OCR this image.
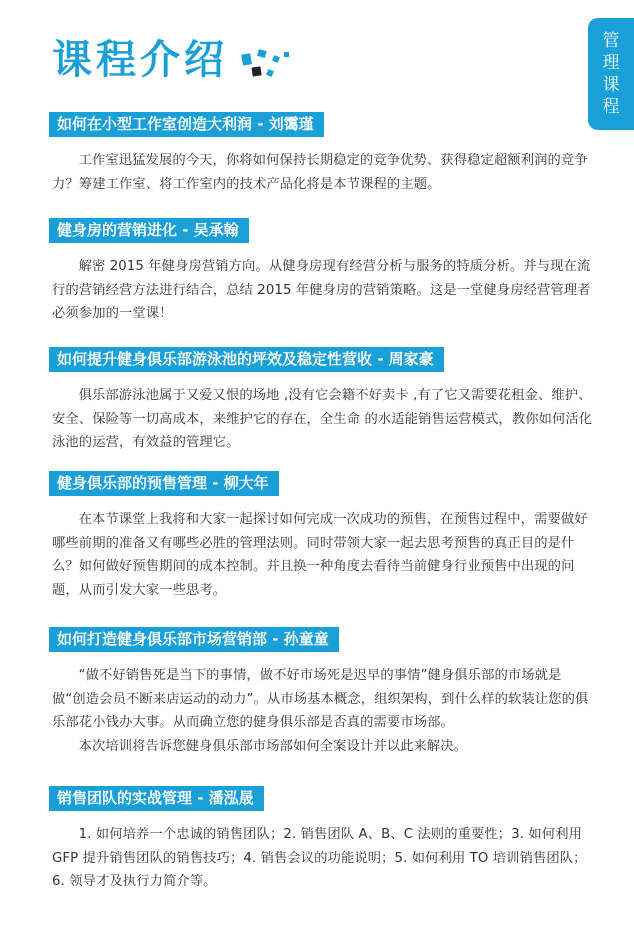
课程介绍	管
理
课
程
如何在小型工作室创造大利润 - 刘霭瑾

工作室迅猛发展的今天，你将如何保持长期稳定的竞争优势、获得稳定超额利润的竞争力？筹建工作室、将工作室内的技术产品化将是本节课程的主题。

健身房的营销进化 - 吴承翰

解密 2015 年健身房营销方向。从健身房现有经营分析与服务的特质分析。并与现在流行的营销经营方法进行结合，总结 2015 年健身房的营销策略。这是一堂健身房经营管理者必须参加的一堂课！

如何提升健身俱乐部游泳池的坪效及稳定性营收 - 周家豪

俱乐部游泳池属于又爱又恨的场地 ,没有它会籍不好卖卡 ,有了它又需要花租金、维护、安全、保险等一切高成本，来维护它的存在，全生命 的水适能销售运营模式，教你如何活化泳池的运营，有效益的管理它。

健身俱乐部的预售管理 - 柳大年

在本节课堂上我将和大家一起探讨如何完成一次成功的预售，在预售过程中，需要做好哪些前期的准备又有哪些必胜的管理法则。同时带领大家一起去思考预售的真正目的是什么？如何做好预售期间的成本控制。并且换一种角度去看待当前健身行业预售中出现的问题，从而引发大家一些思考。

如何打造健身俱乐部市场营销部 - 孙童童

“做不好销售死是当下的事情，做不好市场死是迟早的事情”健身俱乐部的市场就是做“创造会员不断来店运动的动力”。从市场基本概念，组织架构，到什么样的软装让您的俱乐部花小钱办大事。从而确立您的健身俱乐部是否真的需要市场部。

本次培训将告诉您健身俱乐部市场部如何全案设计并以此来解决。

销售团队的实战管理 - 潘泓晟

1. 如何培养一个忠诚的销售团队；2. 销售团队 A、B、C 法则的重要性；3. 如何利用 GFP 提升销售团队的销售技巧；4. 销售会议的功能说明；5. 如何利用 TO 培训销售团队；6. 领导才及执行力简介等。
